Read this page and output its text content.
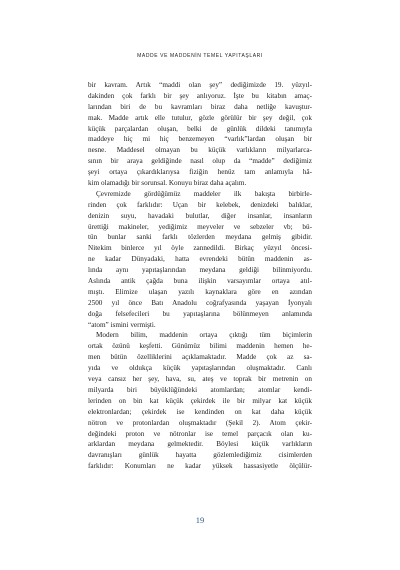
MADDE VE MADDENİN TEMEL YAPITAŞLARI
bir kavram. Artık “maddi olan şey” dediğimizde 19. yüzyıl-
dakinden çok farklı bir şey anlıyoruz. İşte bu kitabın amaç-
larından biri de bu kavramları biraz daha netliğe kavuştur-
mak. Madde artık elle tutulur, gözle görülür bir şey değil, çok
küçük parçalardan oluşan, belki de günlük dildeki tanımıyla
maddeye hiç mi hiç benzemeyen “varlık”lardan oluşan bir
nesne. Maddesel olmayan bu küçük varlıkların milyarlarca-
sının bir araya geldiğinde nasıl olup da “madde” dediğimiz
şeyi ortaya çıkardıklarıysa fiziğin henüz tam anlamıyla hâ-
kim olamadığı bir sorunsal. Konuyu biraz daha açalım.
Çevremizde gördüğümüz maddeler ilk bakışta birbirle-
rinden çok farklıdır: Uçan bir kelebek, denizdeki balıklar,
denizin suyu, havadaki bulutlar, diğer insanlar, insanların
ürettiği makineler, yediğimiz meyveler ve sebzeler vb; bü-
tün bunlar sanki farklı tözlerden meydana gelmiş gibidir.
Nitekim binlerce yıl öyle zannedildi. Birkaç yüzyıl öncesi-
ne kadar Dünyadaki, hatta evrendeki bütün maddenin as-
lında aynı yapıtaşlarından meydana geldiği bilinmiyordu.
Aslında antik çağda buna ilişkin varsayımlar ortaya atıl-
mıştı. Elimize ulaşan yazılı kaynaklara göre en azından
2500 yıl önce Batı Anadolu coğrafyasında yaşayan İyonyalı
doğa felsefecileri bu yapıtaşlarına bölünmeyen anlamında
“atom” ismini vermişti.
Modern bilim, maddenin ortaya çıktığı tüm biçimlerin
ortak özünü keşfetti. Günümüz bilimi maddenin hemen he-
men bütün özelliklerini açıklamaktadır. Madde çok az sa-
yıda ve oldukça küçük yapıtaşlarından oluşmaktadır. Canlı
veya cansız her şey, hava, su, ateş ve toprak bir metrenin on
milyarda biri büyüklüğündeki atomlardan; atomlar kendi-
lerinden on bin kat küçük çekirdek ile bir milyar kat küçük
elektronlardan; çekirdek ise kendinden on kat daha küçük
nötron ve protonlardan oluşmaktadır (Şekil 2). Atom çekir-
değindeki proton ve nötronlar ise temel parçacık olan ku-
arklardan meydana gelmektedir. Böylesi küçük varlıkların
davranışları günlük hayatta gözlemlediğimiz cisimlerden
farklıdır: Konumları ne kadar yüksek hassasiyetle ölçülür-
19
